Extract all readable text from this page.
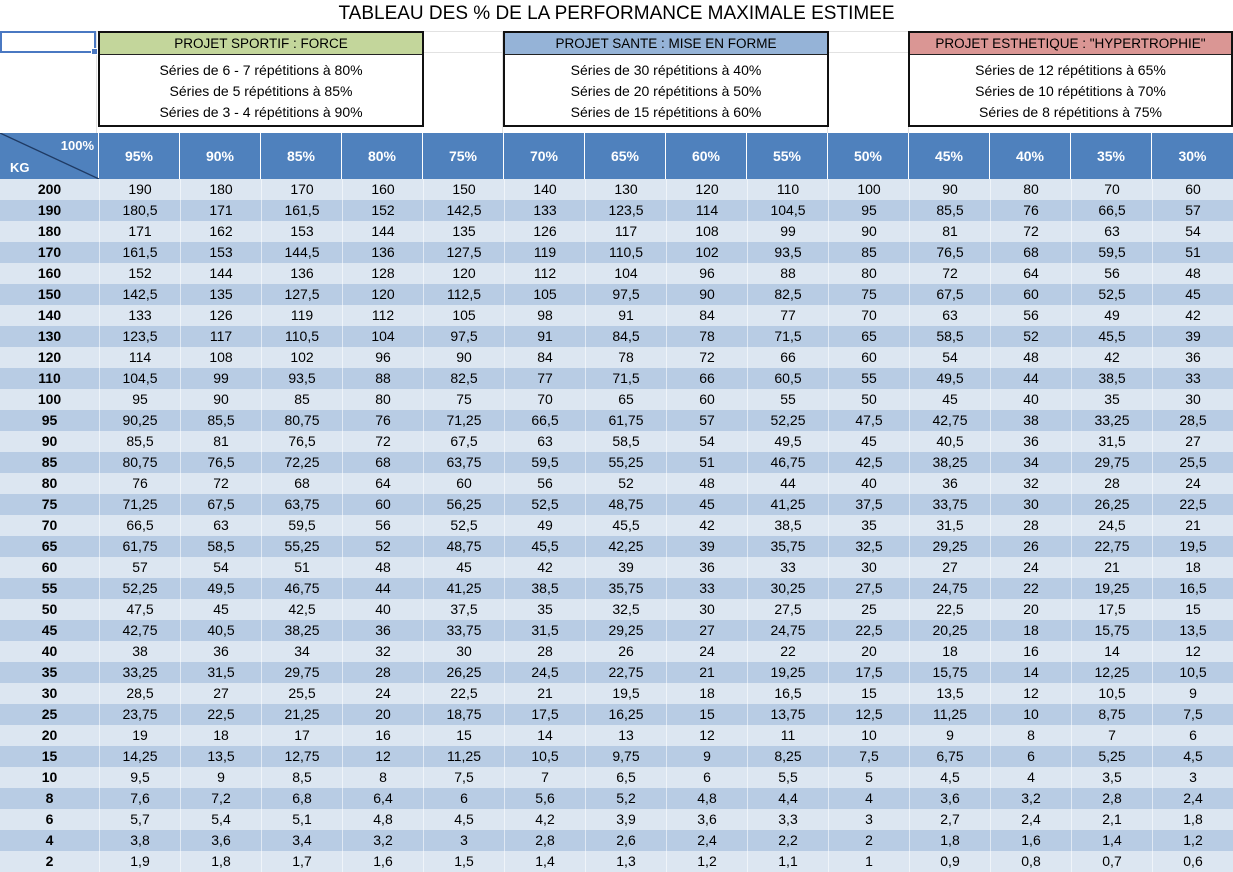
TABLEAU DES % DE LA PERFORMANCE MAXIMALE ESTIMEE
PROJET SPORTIF : FORCE
Séries de 6 - 7 répétitions à 80%
Séries de 5 répétitions à 85%
Séries de 3 - 4 répétitions à 90%
PROJET SANTE : MISE EN FORME
Séries de 30 répétitions à 40%
Séries de 20 répétitions à 50%
Séries de 15 répétitions à 60%
PROJET ESTHETIQUE : "HYPERTROPHIE"
Séries de 12 répétitions à 65%
Séries de 10 répétitions à 70%
Séries de 8 répétitions à 75%
100%
KG
95%	90%	85%	80%	75%	70%	65%	60%	55%	50%	45%	40%	35%	30%
200	190	180	170	160	150	140	130	120	110	100	90	80	70	60
190	180,5	171	161,5	152	142,5	133	123,5	114	104,5	95	85,5	76	66,5	57
180	171	162	153	144	135	126	117	108	99	90	81	72	63	54
170	161,5	153	144,5	136	127,5	119	110,5	102	93,5	85	76,5	68	59,5	51
160	152	144	136	128	120	112	104	96	88	80	72	64	56	48
150	142,5	135	127,5	120	112,5	105	97,5	90	82,5	75	67,5	60	52,5	45
140	133	126	119	112	105	98	91	84	77	70	63	56	49	42
130	123,5	117	110,5	104	97,5	91	84,5	78	71,5	65	58,5	52	45,5	39
120	114	108	102	96	90	84	78	72	66	60	54	48	42	36
110	104,5	99	93,5	88	82,5	77	71,5	66	60,5	55	49,5	44	38,5	33
100	95	90	85	80	75	70	65	60	55	50	45	40	35	30
95	90,25	85,5	80,75	76	71,25	66,5	61,75	57	52,25	47,5	42,75	38	33,25	28,5
90	85,5	81	76,5	72	67,5	63	58,5	54	49,5	45	40,5	36	31,5	27
85	80,75	76,5	72,25	68	63,75	59,5	55,25	51	46,75	42,5	38,25	34	29,75	25,5
80	76	72	68	64	60	56	52	48	44	40	36	32	28	24
75	71,25	67,5	63,75	60	56,25	52,5	48,75	45	41,25	37,5	33,75	30	26,25	22,5
70	66,5	63	59,5	56	52,5	49	45,5	42	38,5	35	31,5	28	24,5	21
65	61,75	58,5	55,25	52	48,75	45,5	42,25	39	35,75	32,5	29,25	26	22,75	19,5
60	57	54	51	48	45	42	39	36	33	30	27	24	21	18
55	52,25	49,5	46,75	44	41,25	38,5	35,75	33	30,25	27,5	24,75	22	19,25	16,5
50	47,5	45	42,5	40	37,5	35	32,5	30	27,5	25	22,5	20	17,5	15
45	42,75	40,5	38,25	36	33,75	31,5	29,25	27	24,75	22,5	20,25	18	15,75	13,5
40	38	36	34	32	30	28	26	24	22	20	18	16	14	12
35	33,25	31,5	29,75	28	26,25	24,5	22,75	21	19,25	17,5	15,75	14	12,25	10,5
30	28,5	27	25,5	24	22,5	21	19,5	18	16,5	15	13,5	12	10,5	9
25	23,75	22,5	21,25	20	18,75	17,5	16,25	15	13,75	12,5	11,25	10	8,75	7,5
20	19	18	17	16	15	14	13	12	11	10	9	8	7	6
15	14,25	13,5	12,75	12	11,25	10,5	9,75	9	8,25	7,5	6,75	6	5,25	4,5
10	9,5	9	8,5	8	7,5	7	6,5	6	5,5	5	4,5	4	3,5	3
8	7,6	7,2	6,8	6,4	6	5,6	5,2	4,8	4,4	4	3,6	3,2	2,8	2,4
6	5,7	5,4	5,1	4,8	4,5	4,2	3,9	3,6	3,3	3	2,7	2,4	2,1	1,8
4	3,8	3,6	3,4	3,2	3	2,8	2,6	2,4	2,2	2	1,8	1,6	1,4	1,2
2	1,9	1,8	1,7	1,6	1,5	1,4	1,3	1,2	1,1	1	0,9	0,8	0,7	0,6
